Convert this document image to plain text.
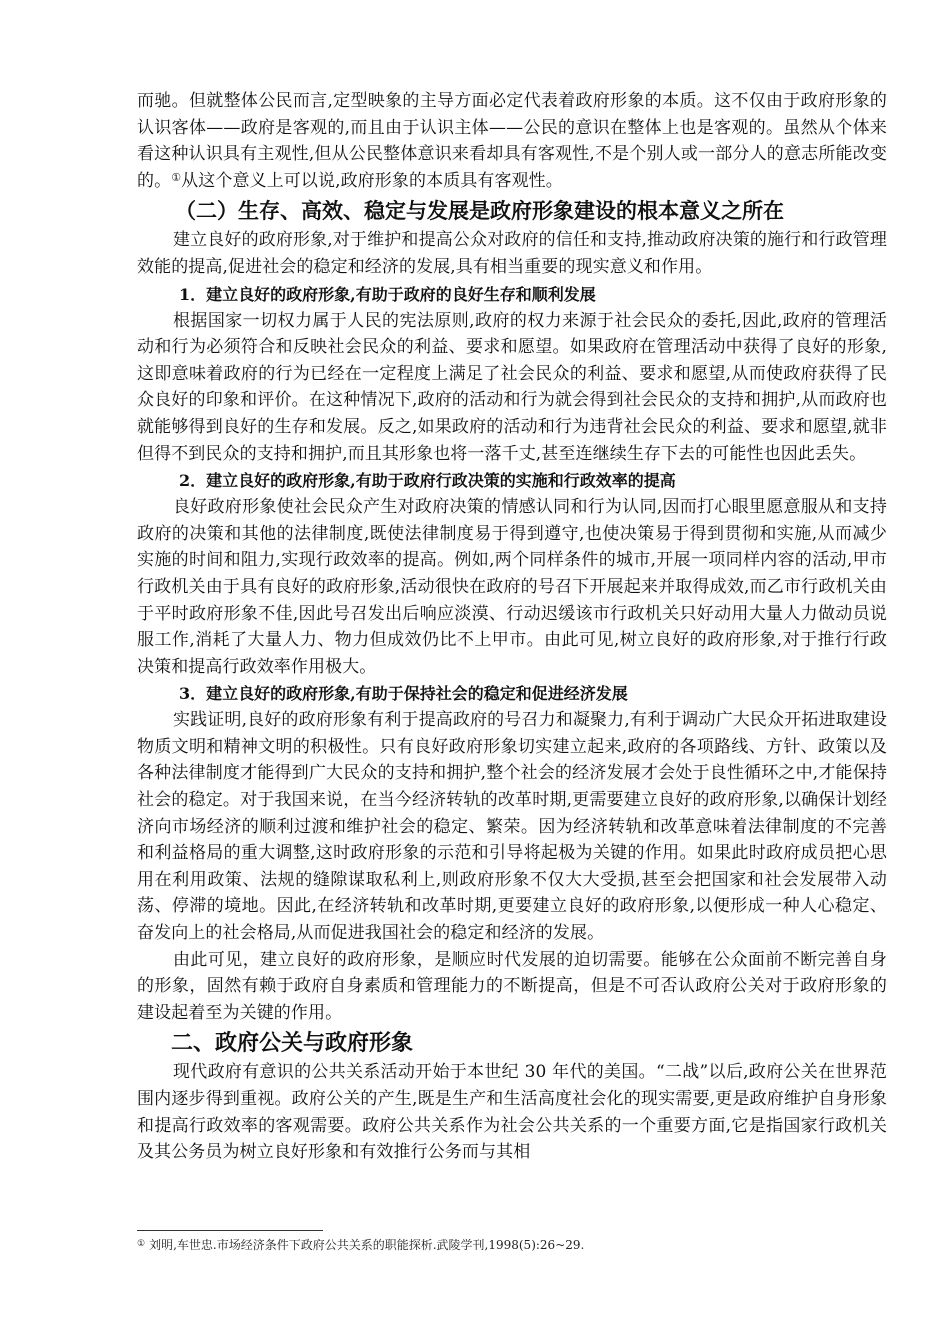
而驰。但就整体公民而言,定型映象的主导方面必定代表着政府形象的本质。这不仅由于政府形象的认识客体——政府是客观的,而且由于认识主体——公民的意识在整体上也是客观的。虽然从个体来看这种认识具有主观性,但从公民整体意识来看却具有客观性,不是个别人或一部分人的意志所能改变的。①从这个意义上可以说,政府形象的本质具有客观性。

（二）生存、高效、稳定与发展是政府形象建设的根本意义之所在

建立良好的政府形象,对于维护和提高公众对政府的信任和支持,推动政府决策的施行和行政管理效能的提高,促进社会的稳定和经济的发展,具有相当重要的现实意义和作用。

1．建立良好的政府形象,有助于政府的良好生存和顺利发展

根据国家一切权力属于人民的宪法原则,政府的权力来源于社会民众的委托,因此,政府的管理活动和行为必须符合和反映社会民众的利益、要求和愿望。如果政府在管理活动中获得了良好的形象,这即意味着政府的行为已经在一定程度上满足了社会民众的利益、要求和愿望,从而使政府获得了民众良好的印象和评价。在这种情况下,政府的活动和行为就会得到社会民众的支持和拥护,从而政府也就能够得到良好的生存和发展。反之,如果政府的活动和行为违背社会民众的利益、要求和愿望,就非但得不到民众的支持和拥护,而且其形象也将一落千丈,甚至连继续生存下去的可能性也因此丢失。

2．建立良好的政府形象,有助于政府行政决策的实施和行政效率的提高

良好政府形象使社会民众产生对政府决策的情感认同和行为认同,因而打心眼里愿意服从和支持政府的决策和其他的法律制度,既使法律制度易于得到遵守,也使决策易于得到贯彻和实施,从而减少实施的时间和阻力,实现行政效率的提高。例如,两个同样条件的城市,开展一项同样内容的活动,甲市行政机关由于具有良好的政府形象,活动很快在政府的号召下开展起来并取得成效,而乙市行政机关由于平时政府形象不佳,因此号召发出后响应淡漠、行动迟缓该市行政机关只好动用大量人力做动员说服工作,消耗了大量人力、物力但成效仍比不上甲市。由此可见,树立良好的政府形象,对于推行行政决策和提高行政效率作用极大。

3．建立良好的政府形象,有助于保持社会的稳定和促进经济发展

实践证明,良好的政府形象有利于提高政府的号召力和凝聚力,有利于调动广大民众开拓进取建设物质文明和精神文明的积极性。只有良好政府形象切实建立起来,政府的各项路线、方针、政策以及各种法律制度才能得到广大民众的支持和拥护,整个社会的经济发展才会处于良性循环之中,才能保持社会的稳定。对于我国来说，在当今经济转轨的改革时期,更需要建立良好的政府形象,以确保计划经济向市场经济的顺利过渡和维护社会的稳定、繁荣。因为经济转轨和改革意味着法律制度的不完善和利益格局的重大调整,这时政府形象的示范和引导将起极为关键的作用。如果此时政府成员把心思用在利用政策、法规的缝隙谋取私利上,则政府形象不仅大大受损,甚至会把国家和社会发展带入动荡、停滞的境地。因此,在经济转轨和改革时期,更要建立良好的政府形象,以便形成一种人心稳定、奋发向上的社会格局,从而促进我国社会的稳定和经济的发展。

由此可见，建立良好的政府形象，是顺应时代发展的迫切需要。能够在公众面前不断完善自身的形象，固然有赖于政府自身素质和管理能力的不断提高，但是不可否认政府公关对于政府形象的建设起着至为关键的作用。

二、政府公关与政府形象

现代政府有意识的公共关系活动开始于本世纪 30 年代的美国。“二战”以后,政府公关在世界范围内逐步得到重视。政府公关的产生,既是生产和生活高度社会化的现实需要,更是政府维护自身形象和提高行政效率的客观需要。政府公共关系作为社会公共关系的一个重要方面,它是指国家行政机关及其公务员为树立良好形象和有效推行公务而与其相

① 刘明,车世忠.市场经济条件下政府公共关系的职能探析.武陵学刊,1998(5):26~29.
